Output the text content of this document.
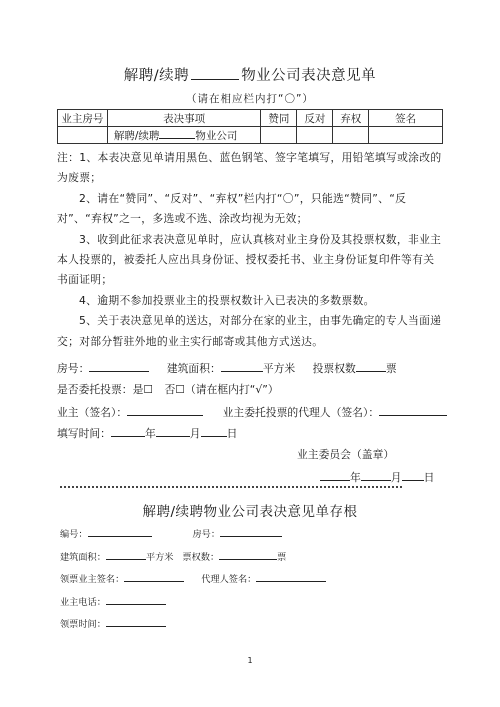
解聘/续聘	物业公司表决意见单
（请在相应栏内打“〇”）
业主房号	表决事项	赞同	反对	弃权	签名
	解聘/续聘 物业公司				

注：1、本表决意见单请用黑色、蓝色钢笔、签字笔填写，用铅笔填写或涂改的为废票；

2、请在“赞同”、“反对”、“弃权”栏内打“〇”，只能选“赞同”、“反对”、“弃权”之一，多选或不选、涂改均视为无效；

3、收到此征求表决意见单时，应认真核对业主身份及其投票权数，非业主本人投票的，被委托人应出具身份证、授权委托书、业主身份证复印件等有关书面证明；

4、逾期不参加投票业主的投票权数计入已表决的多数票数。

5、关于表决意见单的送达，对部分在家的业主，由事先确定的专人当面递交；对部分暂驻外地的业主实行邮寄或其他方式送达。

房号：	建筑面积：	平方米 投票权数	票
是否委托投票：是☐ 否☐（请在框内打“√”）
业主（签名）：	业主委托投票的代理人（签名）：
填写时间：	年	月 日
业主委员会（盖章）
年	月 日
解聘/续聘物业公司表决意见单存根
编号：	房号：
建筑面积：	平方米 票权数：	票
领票业主签名：	代理人签名：
业主电话：
领票时间：
1
